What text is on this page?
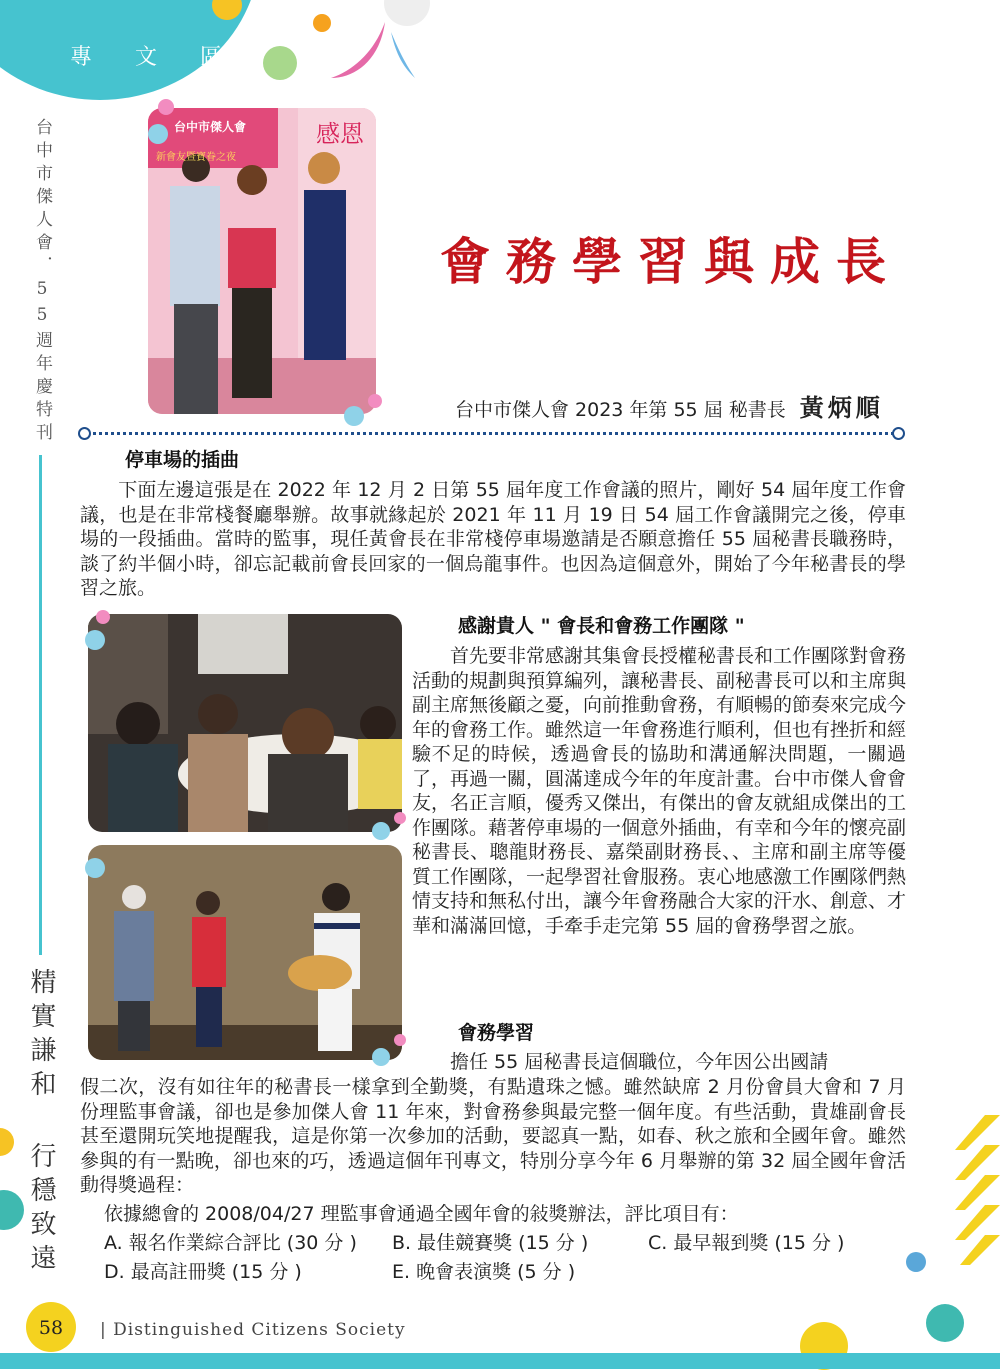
專 文 區
台中市傑人會．55週年慶特刊
精實謙和 行穩致遠
台中市傑人會
新會友暨寶眷之夜
感恩
會務學習與成長
台中市傑人會 2023 年第 55 屆 秘書長 黃炳順
停車場的插曲
　　下面左邊這張是在 2022 年 12 月 2 日第 55 屆年度工作會議的照片，剛好 54 屆年度工作會議，也是在非常棧餐廳舉辦。故事就緣起於 2021 年 11 月 19 日 54 屆工作會議開完之後，停車場的一段插曲。當時的監事，現任黃會長在非常棧停車場邀請是否願意擔任 55 屆秘書長職務時，談了約半個小時，卻忘記載前會長回家的一個烏龍事件。也因為這個意外，開始了今年秘書長的學習之旅。
感謝貴人 " 會長和會務工作團隊 "
　　首先要非常感謝其集會長授權秘書長和工作團隊對會務活動的規劃與預算編列，讓秘書長、副秘書長可以和主席與副主席無後顧之憂，向前推動會務，有順暢的節奏來完成今年的會務工作。雖然這一年會務進行順利，但也有挫折和經驗不足的時候，透過會長的協助和溝通解決問題，一關過了，再過一關，圓滿達成今年的年度計畫。台中市傑人會會友，名正言順，優秀又傑出，有傑出的會友就組成傑出的工作團隊。藉著停車場的一個意外插曲，有幸和今年的懷亮副秘書長、聰龍財務長、嘉榮副財務長、、主席和副主席等優質工作團隊，一起學習社會服務。衷心地感激工作團隊們熱情支持和無私付出，讓今年會務融合大家的汗水、創意、才華和滿滿回憶，手牽手走完第 55 屆的會務學習之旅。
會務學習
　　擔任 55 屆秘書長這個職位，今年因公出國請
假二次，沒有如往年的秘書長一樣拿到全勤獎，有點遺珠之憾。雖然缺席 2 月份會員大會和 7 月份理監事會議，卻也是參加傑人會 11 年來，對會務參與最完整一個年度。有些活動，貴雄副會長甚至還開玩笑地提醒我，這是你第一次參加的活動，要認真一點，如春、秋之旅和全國年會。雖然參與的有一點晚，卻也來的巧，透過這個年刊專文，特別分享今年 6 月舉辦的第 32 屆全國年會活動得獎過程：
依據總會的 2008/04/27 理監事會通過全國年會的敍獎辦法，評比項目有：
A. 報名作業綜合評比 (30 分 ) B. 最佳競賽獎 (15 分 )	C. 最早報到獎 (15 分 )
D. 最高註冊獎 (15 分 )	E. 晚會表演獎 (5 分 )
58	| Distinguished Citizens Society
